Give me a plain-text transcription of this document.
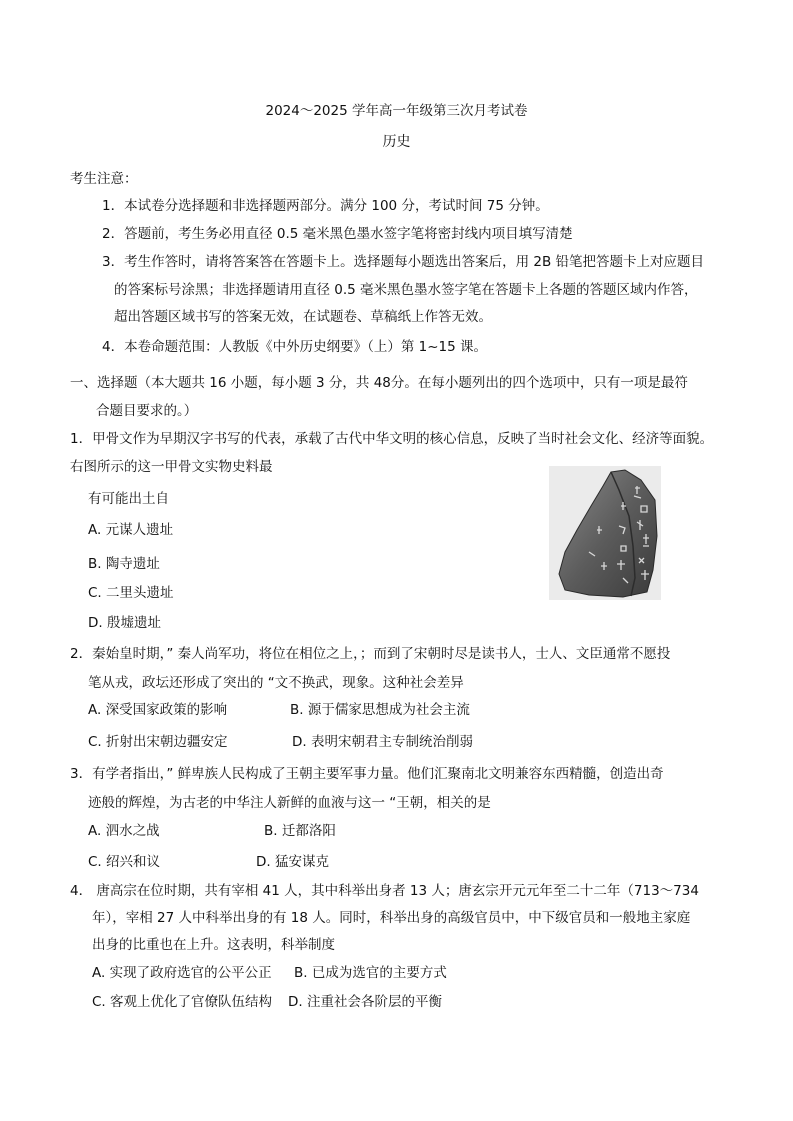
2024～2025 学年高一年级第三次月考试卷
历史
考生注意：
1．本试卷分选择题和非选择题两部分。满分 100 分，考试时间 75 分钟。
2．答题前，考生务必用直径 0.5 毫米黑色墨水签字笔将密封线内项目填写清楚
3．考生作答时，请将答案答在答题卡上。选择题每小题选出答案后，用 2B 铅笔把答题卡上对应题目
的答案标号涂黑；非选择题请用直径 0.5 毫米黑色墨水签字笔在答题卡上各题的答题区域内作答，
超出答题区域书写的答案无效，在试题卷、草稿纸上作答无效。
4．本卷命题范围：人教版《中外历史纲要》（上）第 1~15 课。
一、选择题（本大题共 16 小题，每小题 3 分，共 48分。在每小题列出的四个选项中，只有一项是最符
合题目要求的。）
1．甲骨文作为早期汉字书写的代表，承载了古代中华文明的核心信息，反映了当时社会文化、经济等面貌。
右图所示的这一甲骨文实物史料最
有可能出土自
A. 元谋人遗址
B. 陶寺遗址
C. 二里头遗址
D. 殷墟遗址
2．秦始皇时期，” 秦人尚军功，将位在相位之上，；而到了宋朝时尽是读书人，士人、文臣通常不愿投
笔从戎，政坛还形成了突出的 “文不换武，现象。这种社会差异
A. 深受国家政策的影响	B. 源于儒家思想成为社会主流
C. 折射出宋朝边疆安定	D. 表明宋朝君主专制统治削弱
3．有学者指出，” 鲜卑族人民构成了王朝主要军事力量。他们汇聚南北文明兼容东西精髓，创造出奇
迹般的辉煌，为古老的中华注人新鲜的血液与这一 “王朝，相关的是
A. 泗水之战	B. 迁都洛阳
C. 绍兴和议	D. 猛安谋克
4． 唐高宗在位时期，共有宰相 41 人，其中科举出身者 13 人；唐玄宗开元元年至二十二年（713～734
年），宰相 27 人中科举出身的有 18 人。同时，科举出身的高级官员中，中下级官员和一般地主家庭
出身的比重也在上升。这表明，科举制度
A. 实现了政府选官的公平公正 B. 已成为选官的主要方式
C. 客观上优化了官僚队伍结构 D. 注重社会各阶层的平衡
